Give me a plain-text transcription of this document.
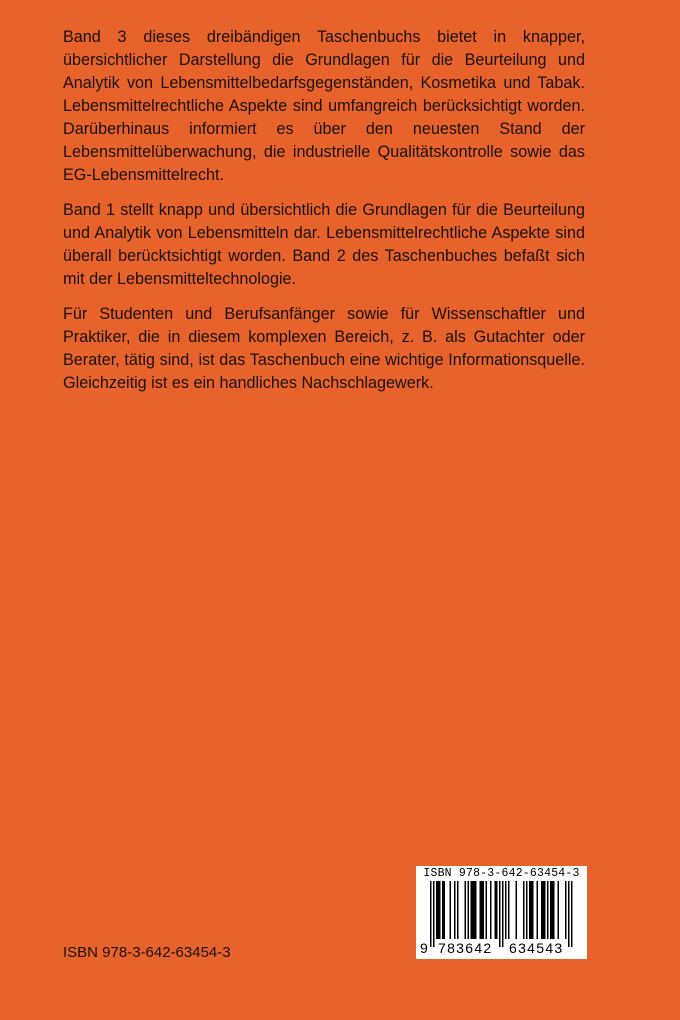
Band 3 dieses dreibändigen Taschenbuchs bietet in knapper, übersichtlicher Darstellung die Grundlagen für die Beurteilung und Analytik von Lebensmittelbedarfsgegenständen, Kosmetika und Tabak. Lebensmittelrechtliche Aspekte sind umfangreich berücksichtigt worden. Darüberhinaus informiert es über den neuesten Stand der Lebensmittelüberwachung, die industrielle Qualitätskontrolle sowie das EG-Lebensmittelrecht.

Band 1 stellt knapp und übersichtlich die Grundlagen für die Beurteilung und Analytik von Lebensmitteln dar. Lebensmittelrechtliche Aspekte sind überall berücktsichtigt worden. Band 2 des Taschenbuches befaßt sich mit der Lebensmitteltechnologie.

Für Studenten und Berufsanfänger sowie für Wissenschaftler und Praktiker, die in diesem komplexen Bereich, z. B. als Gutachter oder Berater, tätig sind, ist das Taschenbuch eine wichtige Informationsquelle. Gleichzeitig ist es ein handliches Nachschlagewerk.

ISBN 978-3-642-63454-3
ISBN 978-3-642-63454-3
9 783642 634543
